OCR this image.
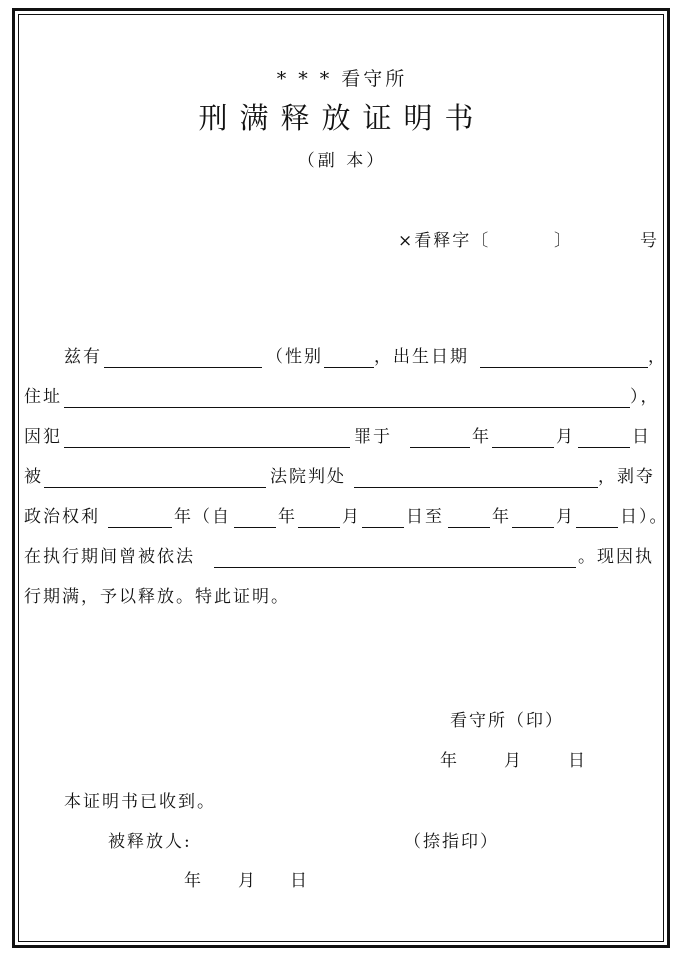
* * * 看守所
刑满释放证明书
（副 本）
×看释字〔	〕	号
兹有	（性别	，出生日期	，
住址	），
因犯	罪于	年	月	日
被	法院判处	，剥夺
政治权利	年（自	年	月	日至	年	月	日）。
在执行期间曾被依法	。现因执
行期满，予以释放。特此证明。
看守所（印）
年	月	日
本证明书已收到。
被释放人:	（捺指印）
年 月 日
